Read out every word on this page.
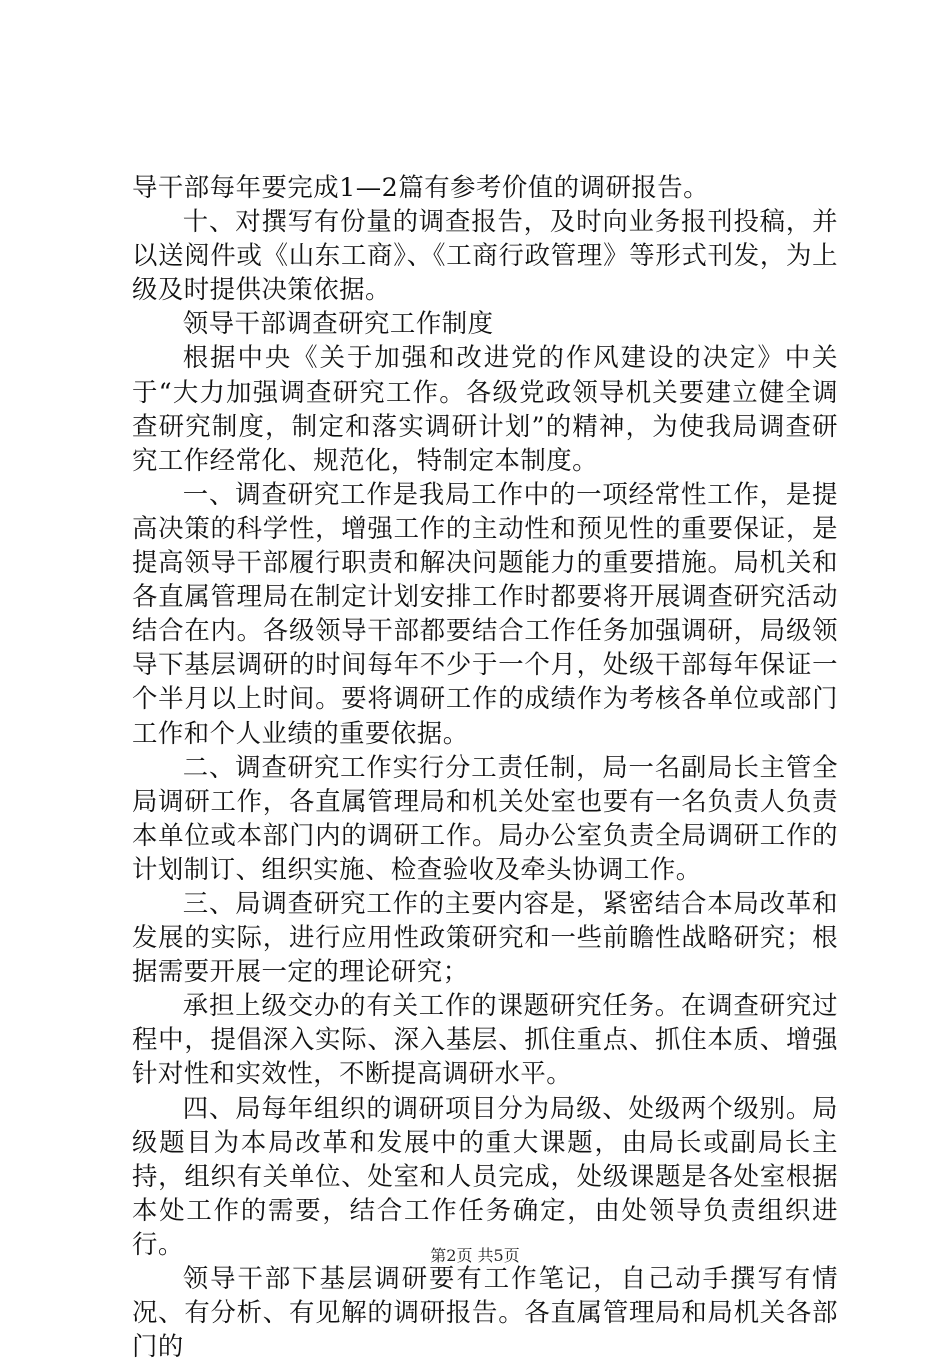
导干部每年要完成1—2篇有参考价值的调研报告。

十、对撰写有份量的调查报告，及时向业务报刊投稿，并以送阅件或《山东工商》、《工商行政管理》等形式刊发，为上级及时提供决策依据。

领导干部调查研究工作制度

根据中央《关于加强和改进党的作风建设的决定》中关于“大力加强调查研究工作。各级党政领导机关要建立健全调查研究制度，制定和落实调研计划”的精神，为使我局调查研究工作经常化、规范化，特制定本制度。

一、调查研究工作是我局工作中的一项经常性工作，是提高决策的科学性，增强工作的主动性和预见性的重要保证，是提高领导干部履行职责和解决问题能力的重要措施。局机关和各直属管理局在制定计划安排工作时都要将开展调查研究活动结合在内。各级领导干部都要结合工作任务加强调研，局级领导下基层调研的时间每年不少于一个月，处级干部每年保证一个半月以上时间。要将调研工作的成绩作为考核各单位或部门工作和个人业绩的重要依据。

二、调查研究工作实行分工责任制，局一名副局长主管全局调研工作，各直属管理局和机关处室也要有一名负责人负责本单位或本部门内的调研工作。局办公室负责全局调研工作的计划制订、组织实施、检查验收及牵头协调工作。

三、局调查研究工作的主要内容是，紧密结合本局改革和发展的实际，进行应用性政策研究和一些前瞻性战略研究；根据需要开展一定的理论研究；

承担上级交办的有关工作的课题研究任务。在调查研究过程中，提倡深入实际、深入基层、抓住重点、抓住本质、增强针对性和实效性，不断提高调研水平。

四、局每年组织的调研项目分为局级、处级两个级别。局级题目为本局改革和发展中的重大课题，由局长或副局长主持，组织有关单位、处室和人员完成，处级课题是各处室根据本处工作的需要，结合工作任务确定，由处领导负责组织进行。

领导干部下基层调研要有工作笔记，自己动手撰写有情况、有分析、有见解的调研报告。各直属管理局和局机关各部门的

第2页 共5页
